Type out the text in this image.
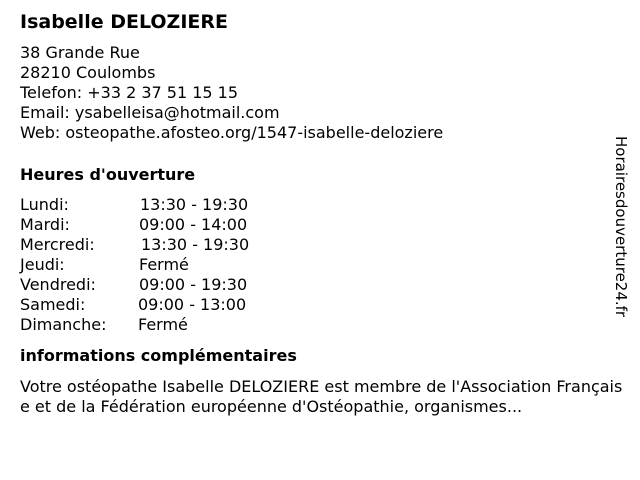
Isabelle DELOZIERE
38 Grande Rue
28210 Coulombs
Telefon: +33 2 37 51 15 15
Email: ysabelleisa@hotmail.com
Web: osteopathe.afosteo.org/1547-isabelle-deloziere
Heures d'ouverture
Lundi:	13:30 - 19:30
Mardi:	09:00 - 14:00
Mercredi:	13:30 - 19:30
Jeudi:	Fermé
Vendredi:	09:00 - 19:30
Samedi:	09:00 - 13:00
Dimanche: Fermé
informations complémentaires

Votre ostéopathe Isabelle DELOZIERE est membre de l'Association Française et de la Fédération européenne d'Ostéopathie, organismes...

Horairesdouverture24.fr
